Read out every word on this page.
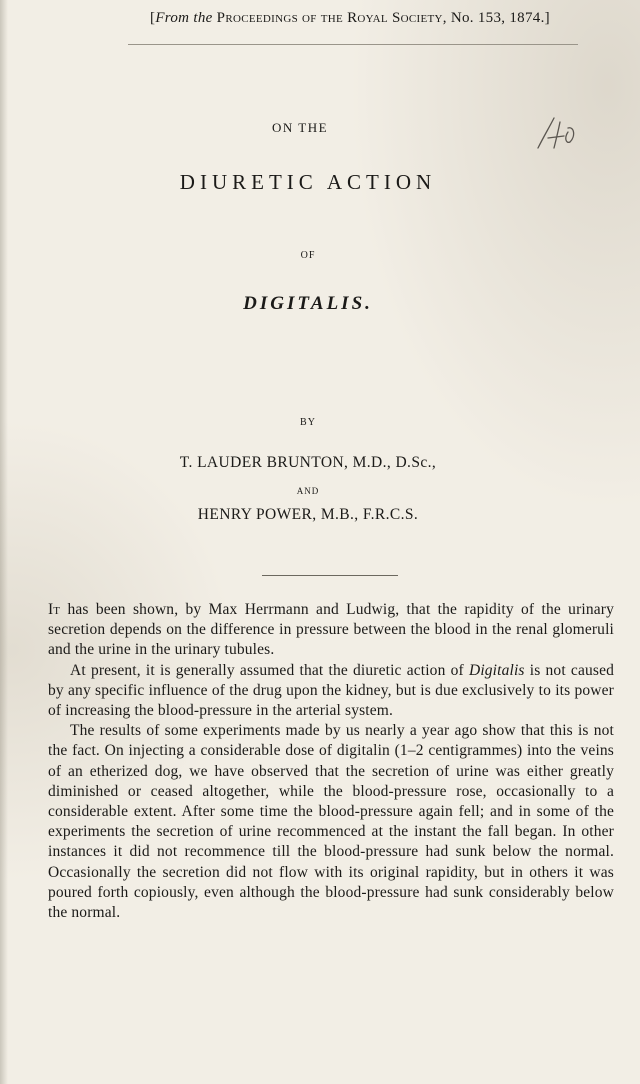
[From the Proceedings of the Royal Society, No. 153, 1874.]
ON THE
DIURETIC ACTION
OF
DIGITALIS.
BY
T. LAUDER BRUNTON, M.D., D.Sc.,
AND
HENRY POWER, M.B., F.R.C.S.

It has been shown, by Max Herrmann and Ludwig, that the rapidity of the urinary secretion depends on the difference in pressure between the blood in the renal glomeruli and the urine in the urinary tubules.

At present, it is generally assumed that the diuretic action of Digitalis is not caused by any specific influence of the drug upon the kidney, but is due exclusively to its power of increasing the blood-pressure in the arterial system.

The results of some experiments made by us nearly a year ago show that this is not the fact. On injecting a considerable dose of digitalin (1–2 centigrammes) into the veins of an etherized dog, we have observed that the secretion of urine was either greatly diminished or ceased altogether, while the blood-pressure rose, occasionally to a considerable extent. After some time the blood-pressure again fell; and in some of the experiments the secretion of urine recommenced at the instant the fall began. In other instances it did not recommence till the blood-pressure had sunk below the normal. Occasionally the secretion did not flow with its original rapidity, but in others it was poured forth copiously, even although the blood-pressure had sunk considerably below the normal.
